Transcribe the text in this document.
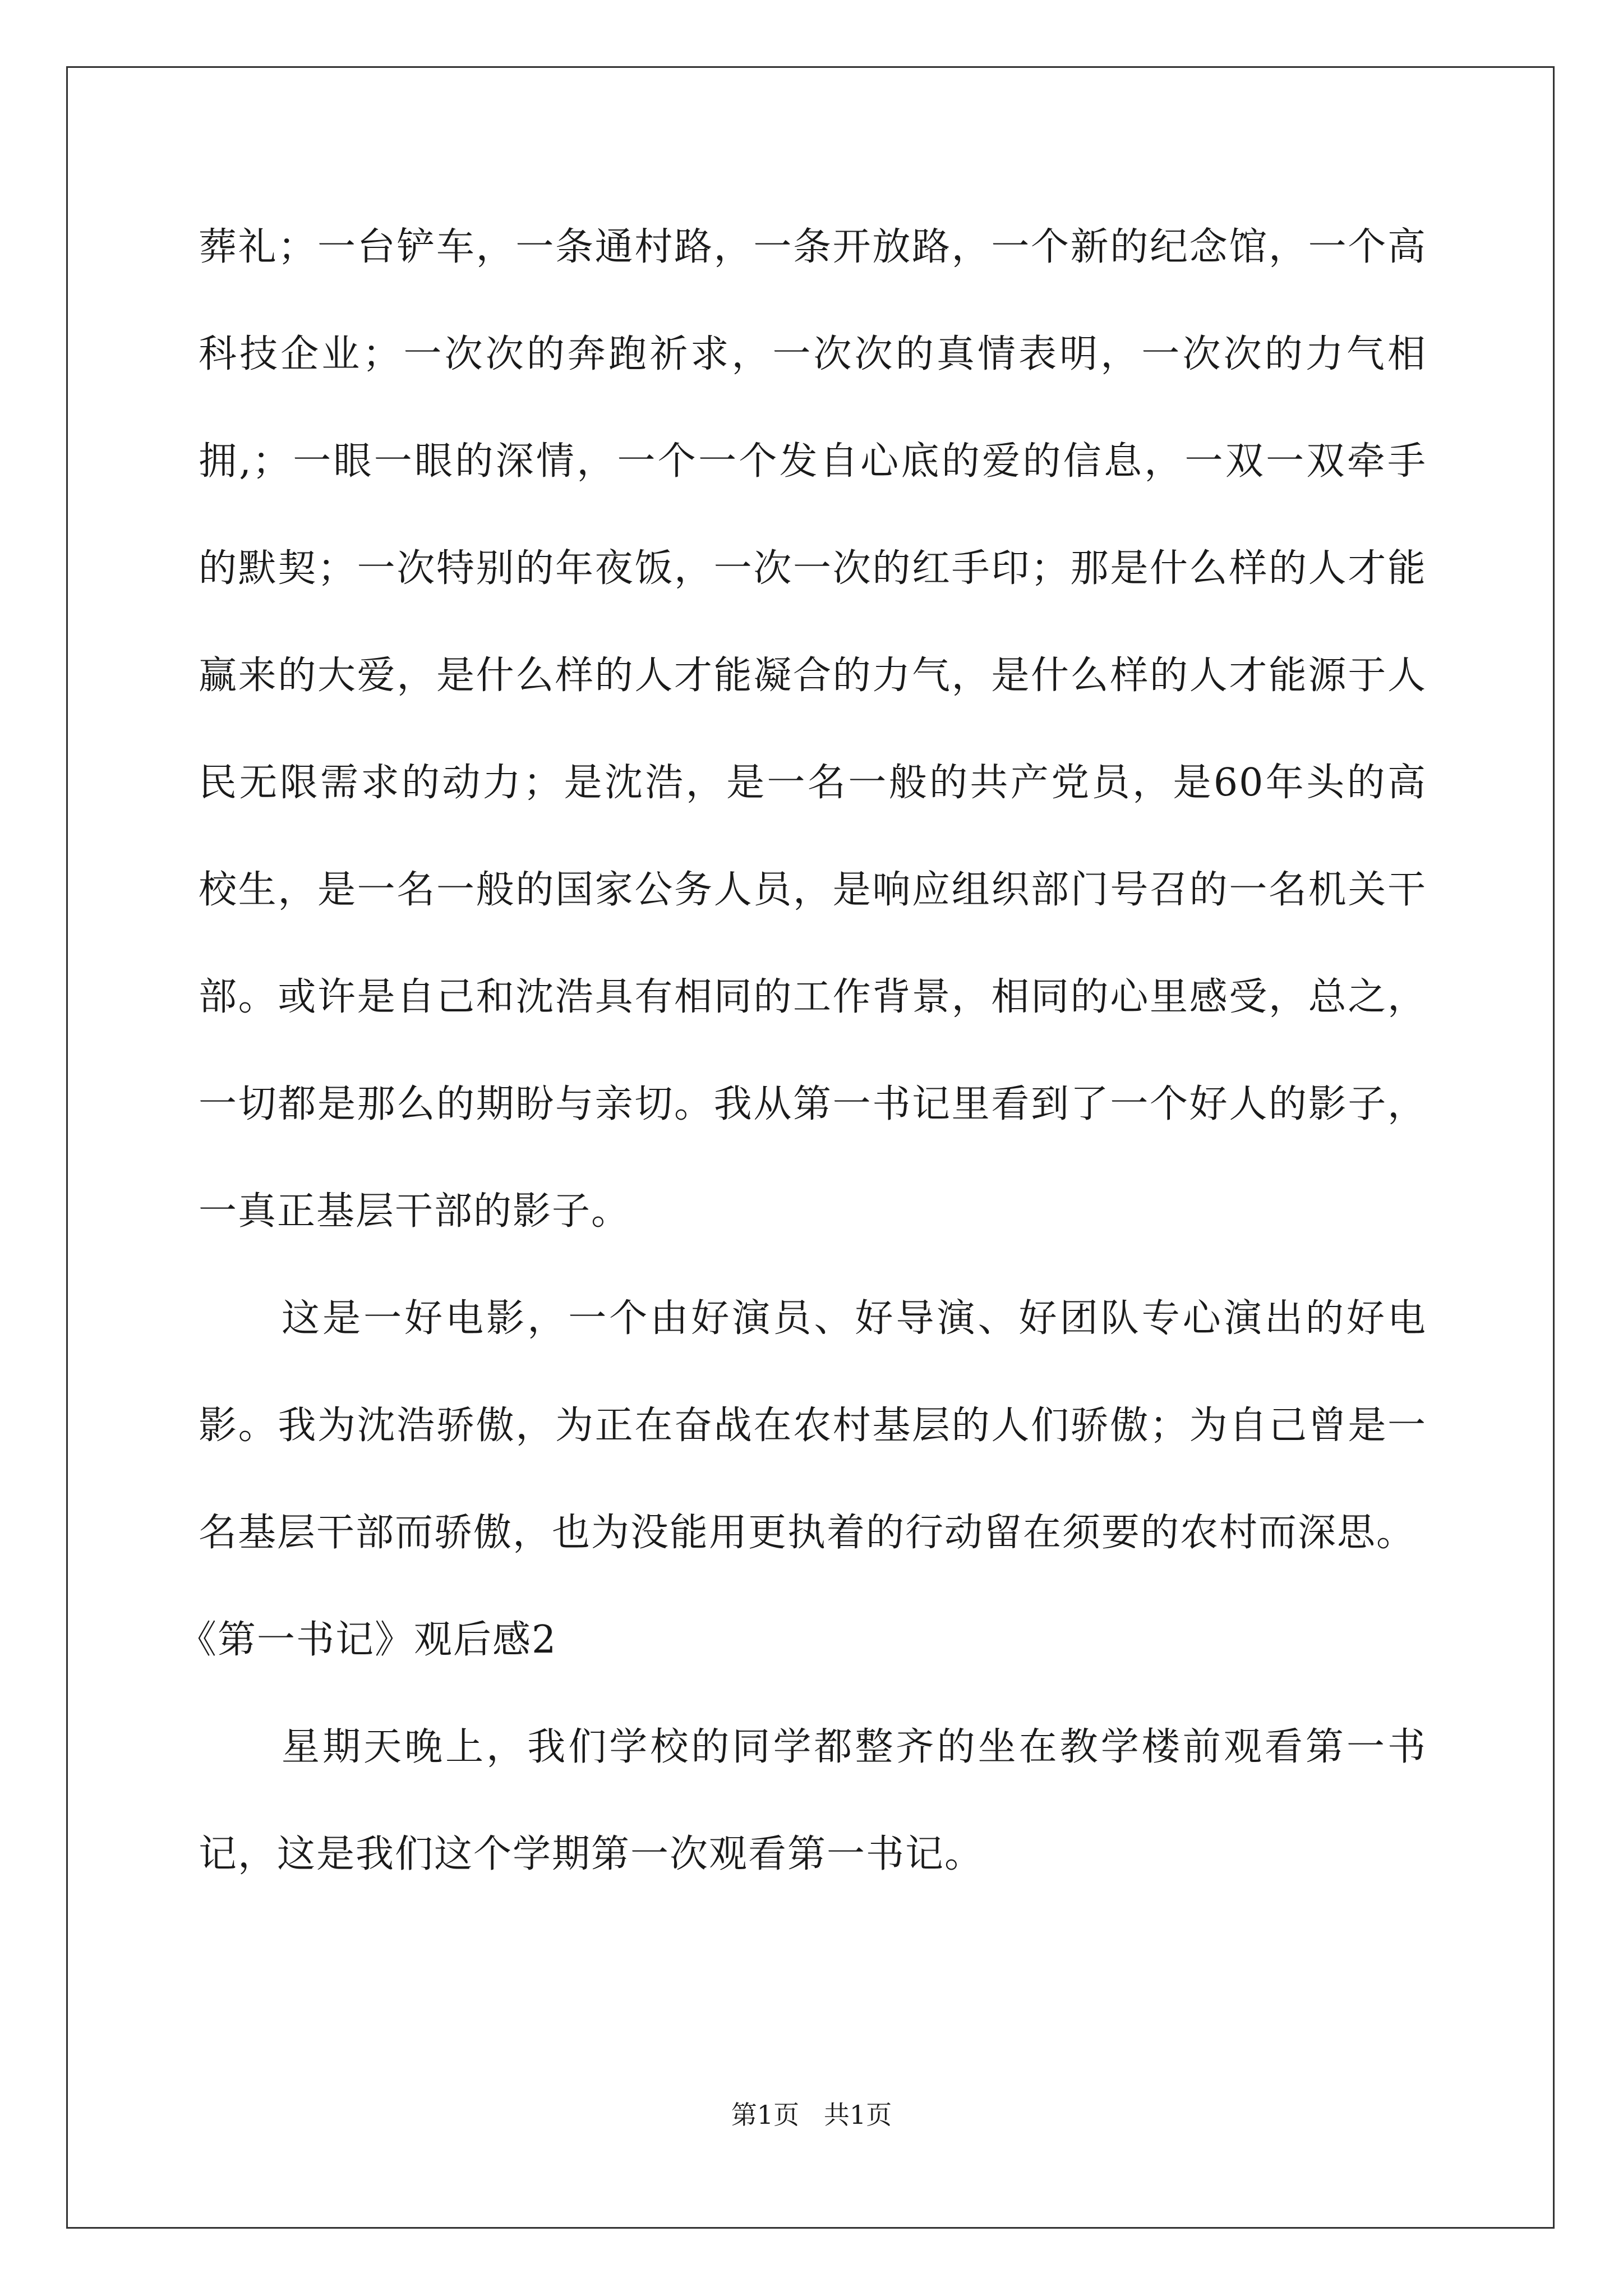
葬礼；一台铲车，一条通村路，一条开放路，一个新的纪念馆，一个高科技企业；一次次的奔跑祈求，一次次的真情表明，一次次的力气相拥,；一眼一眼的深情，一个一个发自心底的爱的信息，一双一双牵手的默契；一次特别的年夜饭，一次一次的红手印；那是什么样的人才能赢来的大爱，是什么样的人才能凝合的力气，是什么样的人才能源于人民无限需求的动力；是沈浩，是一名一般的共产党员，是60年头的高校生，是一名一般的国家公务人员，是响应组织部门号召的一名机关干部。或许是自己和沈浩具有相同的工作背景，相同的心里感受，总之，一切都是那么的期盼与亲切。我从第一书记里看到了一个好人的影子，一真正基层干部的影子。

这是一好电影，一个由好演员、好导演、好团队专心演出的好电影。我为沈浩骄傲，为正在奋战在农村基层的人们骄傲；为自己曾是一名基层干部而骄傲，也为没能用更执着的行动留在须要的农村而深思。

《第一书记》观后感2

星期天晚上，我们学校的同学都整齐的坐在教学楼前观看第一书记，这是我们这个学期第一次观看第一书记。

第1页   共1页
